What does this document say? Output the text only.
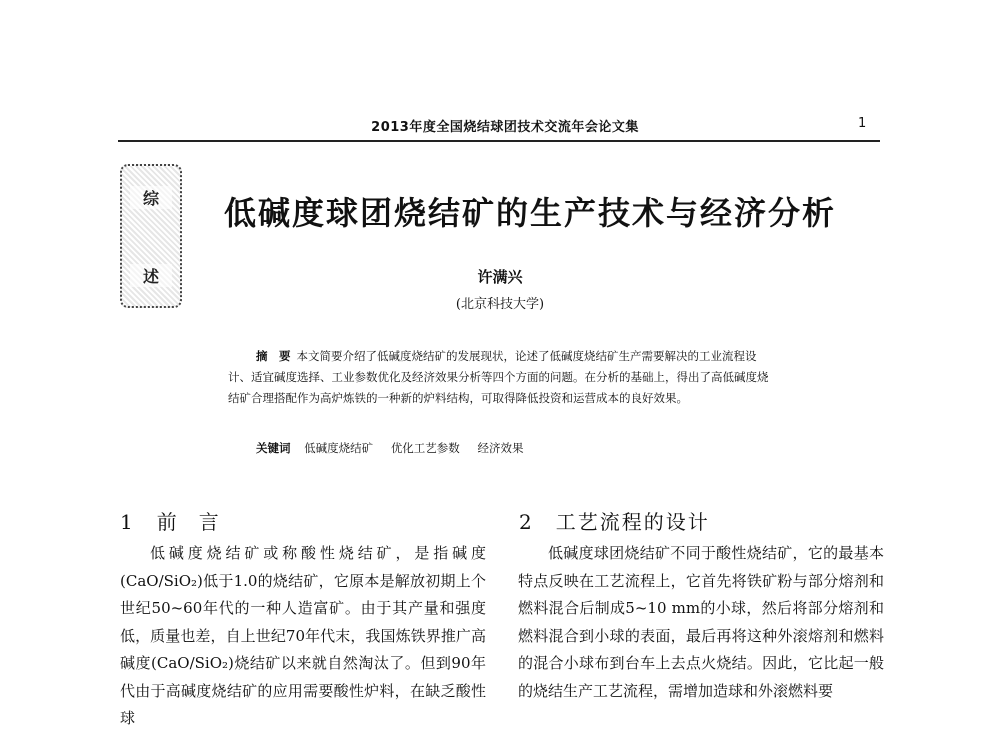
2013年度全国烧结球团技术交流年会论文集	1
综
述
低碱度球团烧结矿的生产技术与经济分析
许满兴
(北京科技大学)
摘　要 本文简要介绍了低碱度烧结矿的发展现状，论述了低碱度烧结矿生产需要解决的工业流程设计、适宜碱度选择、工业参数优化及经济效果分析等四个方面的问题。在分析的基础上，得出了高低碱度烧结矿合理搭配作为高炉炼铁的一种新的炉料结构，可取得降低投资和运营成本的良好效果。
关键词 低碱度烧结矿 优化工艺参数 经济效果
1 前言	2 工艺流程的设计

低碱度烧结矿或称酸性烧结矿，是指碱度(CaO/SiO₂)低于1.0的烧结矿，它原本是解放初期上个世纪50~60年代的一种人造富矿。由于其产量和强度低，质量也差，自上世纪70年代末，我国炼铁界推广高碱度(CaO/SiO₂)烧结矿以来就自然淘汰了。但到90年代由于高碱度烧结矿的应用需要酸性炉料，在缺乏酸性球

低碱度球团烧结矿不同于酸性烧结矿，它的最基本特点反映在工艺流程上，它首先将铁矿粉与部分熔剂和燃料混合后制成5~10 mm的小球，然后将部分熔剂和燃料混合到小球的表面，最后再将这种外滚熔剂和燃料的混合小球布到台车上去点火烧结。因此，它比起一般的烧结生产工艺流程，需增加造球和外滚燃料要
